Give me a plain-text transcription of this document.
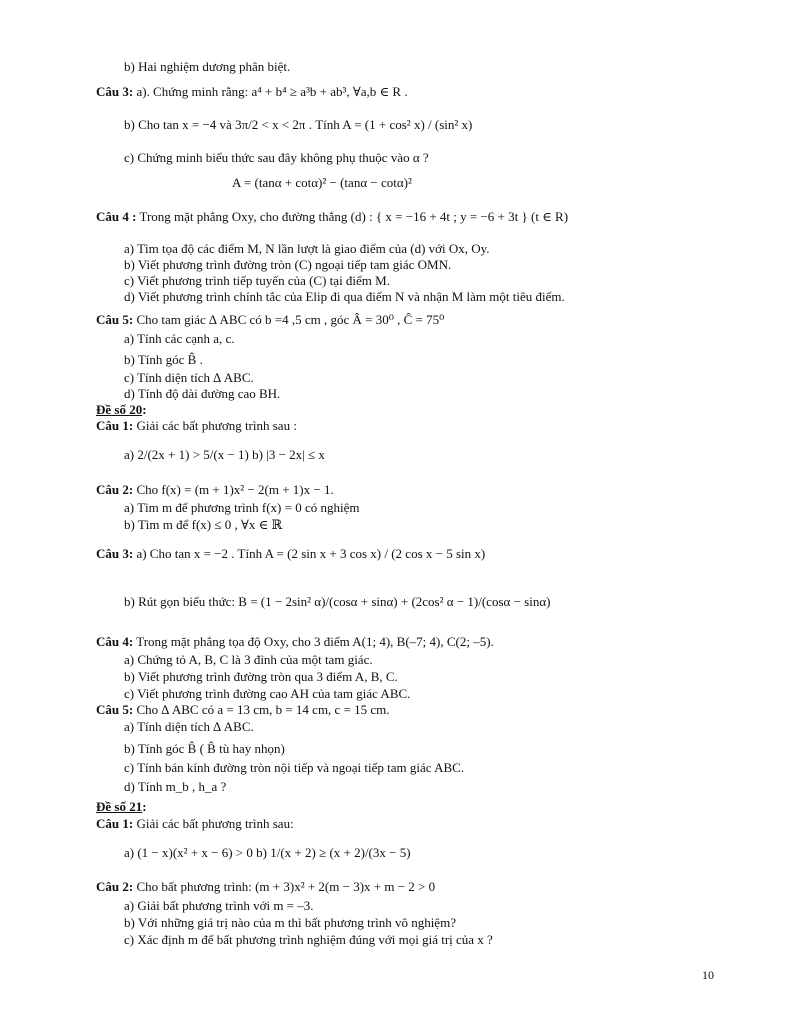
b) Hai nghiệm dương phân biệt.
Câu 3: a). Chứng minh rằng: a⁴ + b⁴ ≥ a³b + ab³, ∀a,b ∈ R .
b) Cho tan x = −4 và 3π/2 < x < 2π . Tính A = (1 + cos² x) / (sin² x)
c) Chứng minh biểu thức sau đây không phụ thuộc vào α ?
A = (tanα + cotα)² − (tanα − cotα)²
Câu 4 : Trong mặt phẳng Oxy, cho đường thẳng (d) : { x = −16 + 4t ; y = −6 + 3t } (t ∈ R)
a) Tìm tọa độ các điểm M, N lần lượt là giao điểm của (d) với Ox, Oy.
b) Viết phương trình đường tròn (C) ngoại tiếp tam giác OMN.
c) Viết phương trình tiếp tuyến của (C) tại điểm M.
d) Viết phương trình chính tắc của Elip đi qua điểm N và nhận M làm một tiêu điểm.
Câu 5: Cho tam giác ∆ ABC có b =4 ,5 cm , góc Â = 30⁰ , Ĉ = 75⁰
a) Tính các cạnh a, c.
b) Tính góc B̂ .
c) Tính diện tích ∆ ABC.
d) Tính độ dài đường cao BH.
Đề số 20:
Câu 1: Giải các bất phương trình sau :
a) 2/(2x + 1) > 5/(x − 1) b) |3 − 2x| ≤ x
Câu 2: Cho f(x) = (m + 1)x² − 2(m + 1)x − 1.
a) Tìm m để phương trình f(x) = 0 có nghiệm
b) Tìm m để f(x) ≤ 0 , ∀x ∈ ℝ
Câu 3: a) Cho tan x = −2 . Tính A = (2 sin x + 3 cos x) / (2 cos x − 5 sin x)
b) Rút gọn biểu thức: B = (1 − 2sin² α)/(cosα + sinα) + (2cos² α − 1)/(cosα − sinα)
Câu 4: Trong mặt phẳng tọa độ Oxy, cho 3 điểm A(1; 4), B(–7; 4), C(2; –5).
a) Chứng tỏ A, B, C là 3 đỉnh của một tam giác.
b) Viết phương trình đường tròn qua 3 điểm A, B, C.
c) Viết phương trình đường cao AH của tam giác ABC.
Câu 5: Cho ∆ ABC có a = 13 cm, b = 14 cm, c = 15 cm.
a) Tính diện tích ∆ ABC.
b) Tính góc B̂ ( B̂ tù hay nhọn)
c) Tính bán kính đường tròn nội tiếp và ngoại tiếp tam giác ABC.
d) Tính m_b , h_a ?
Đề số 21:
Câu 1: Giải các bất phương trình sau:
a) (1 − x)(x² + x − 6) > 0 b) 1/(x + 2) ≥ (x + 2)/(3x − 5)
Câu 2: Cho bất phương trình: (m + 3)x² + 2(m − 3)x + m − 2 > 0
a) Giải bất phương trình với m = –3.
b) Với những giá trị nào của m thì bất phương trình vô nghiệm?
c) Xác định m để bất phương trình nghiệm đúng với mọi giá trị của x ?
10
